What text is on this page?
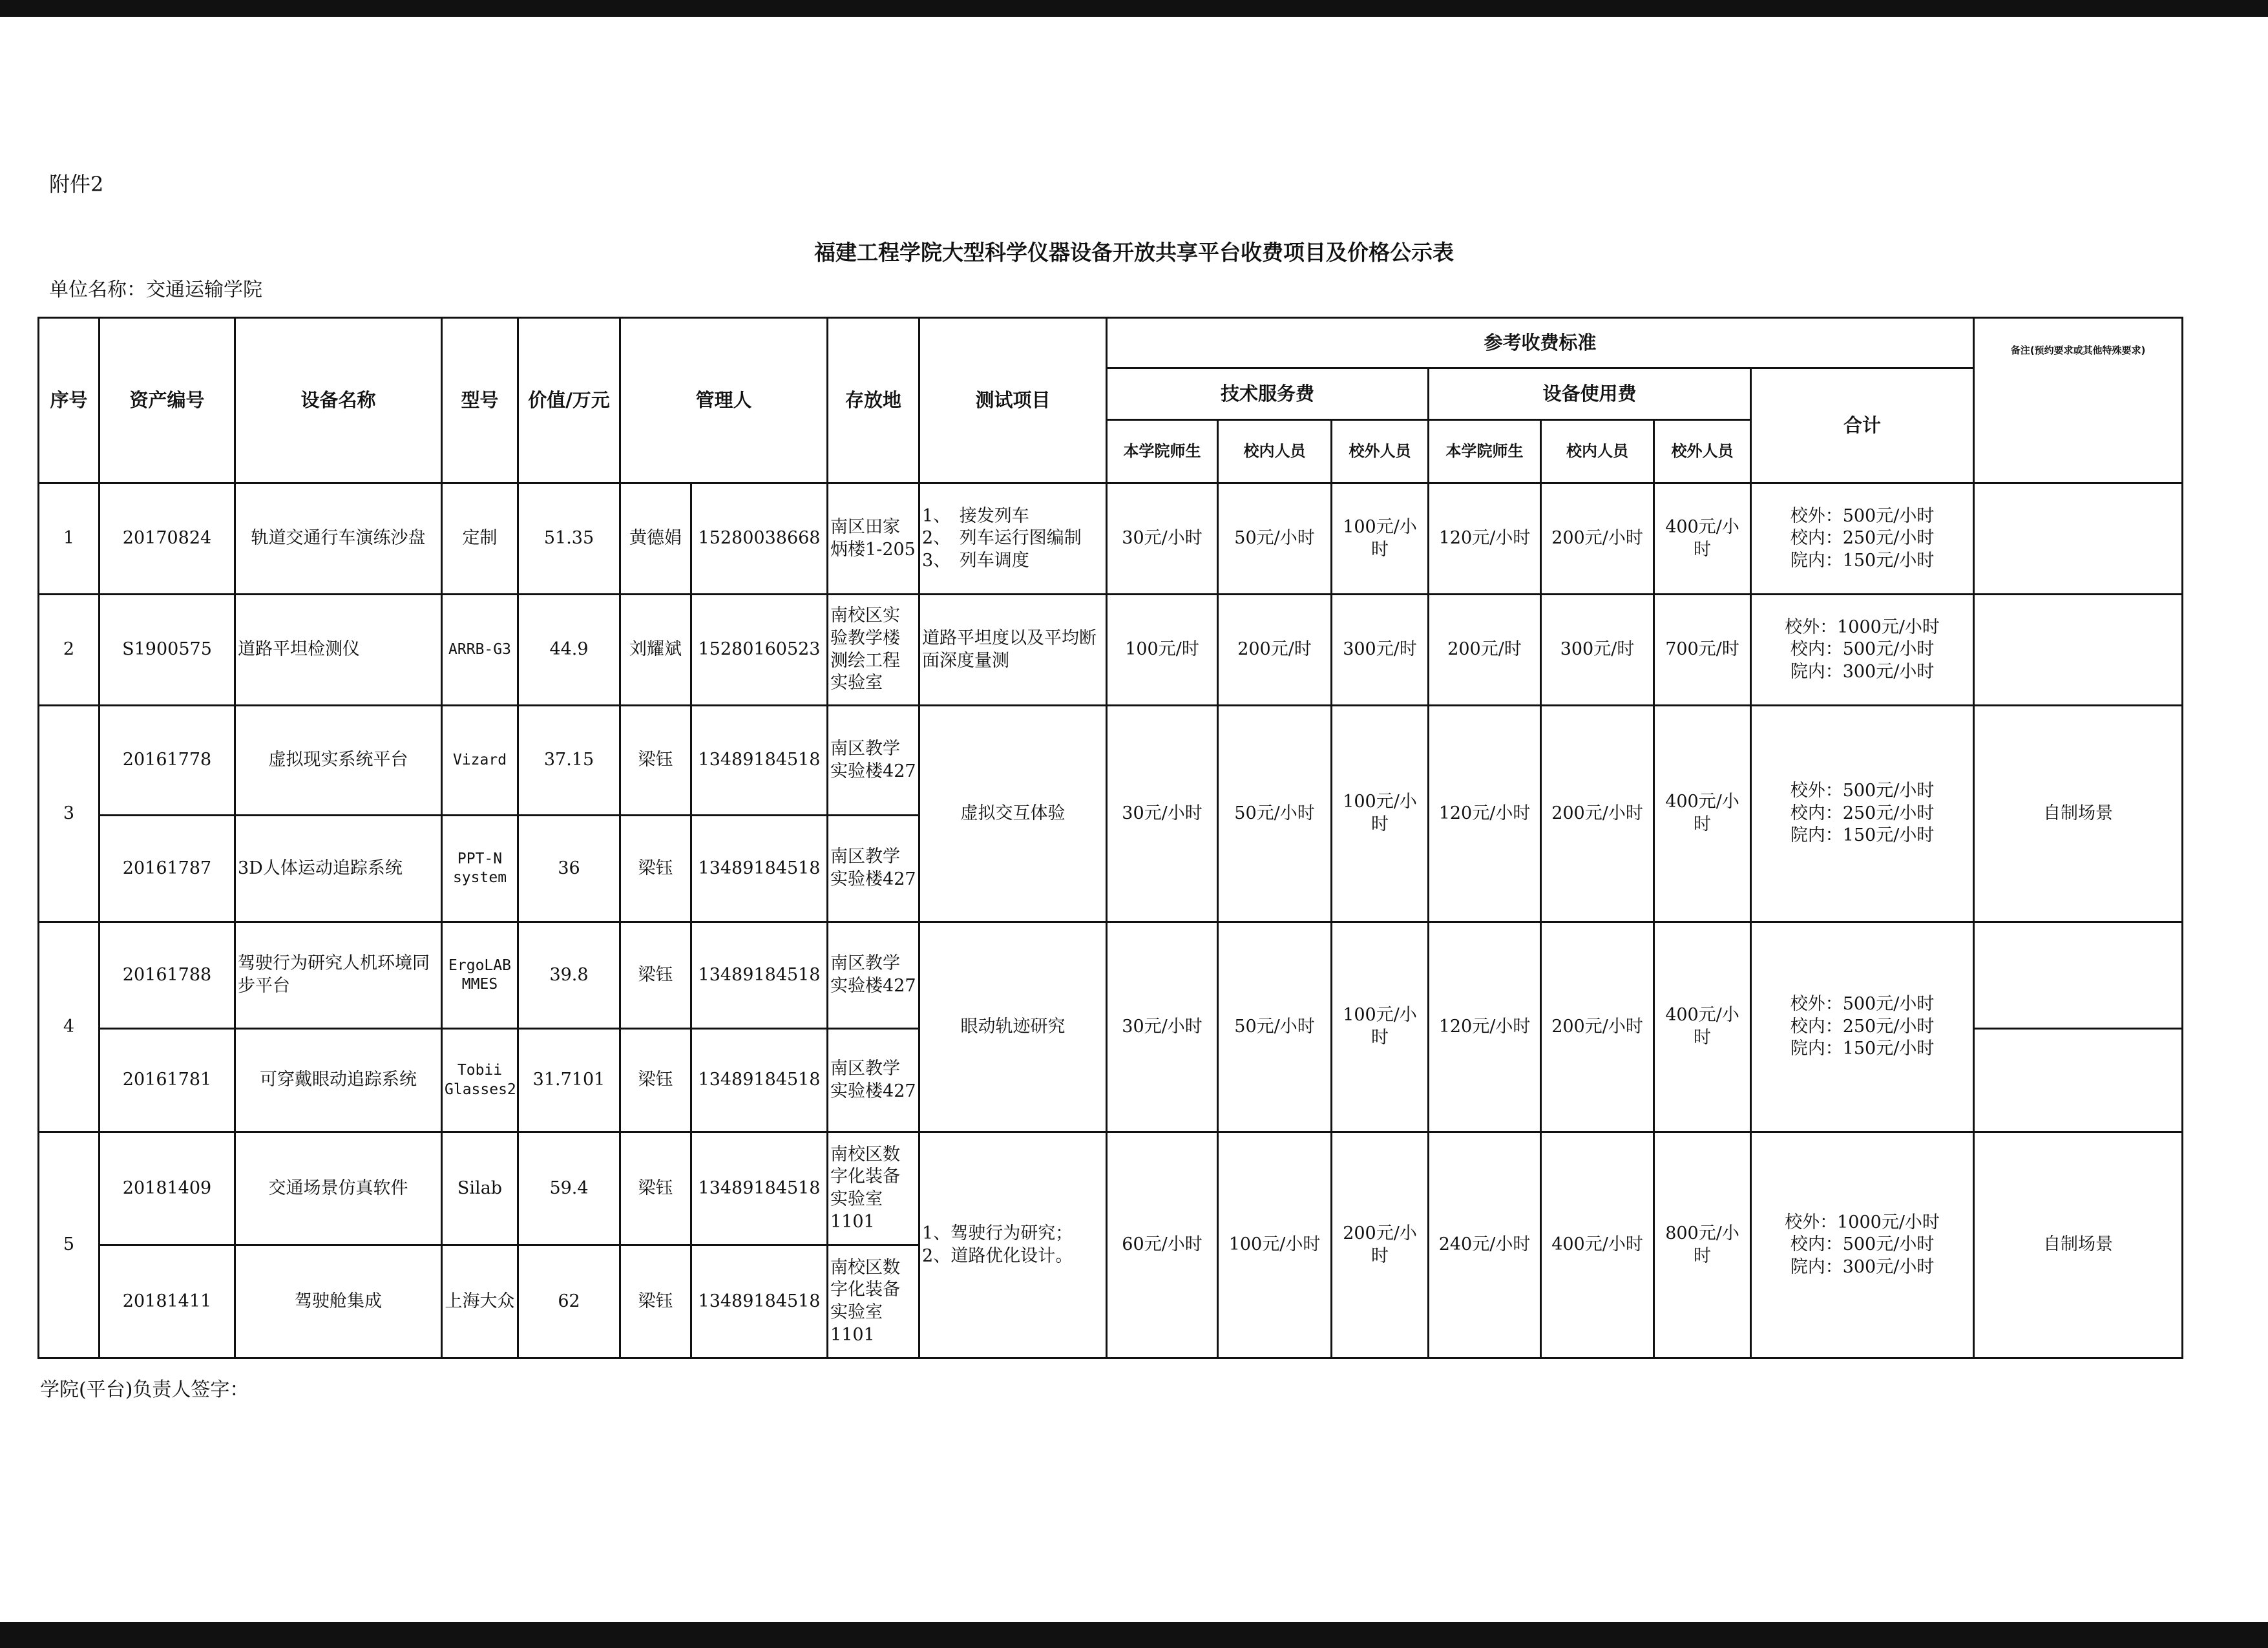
附件2
福建工程学院大型科学仪器设备开放共享平台收费项目及价格公示表
单位名称：交通运输学院
序号	资产编号	设备名称	型号	价值/万元	管理人		存放地	测试项目	参考收费标准							备注(预约要求或其他特殊要求)
									技术服务费			设备使用费			合计	
									本学院师生	校内人员	校外人员	本学院师生	校内人员	校外人员		
1	20170824	轨道交通行车演练沙盘	定制	51.35	黄德娟	15280038668	南区田家炳楼1-205	1、　接发列车
2、　列车运行图编制
3、　列车调度	30元/小时	50元/小时	100元/小时	120元/小时	200元/小时	400元/小时	校外：500元/小时
校内：250元/小时
院内：150元/小时	

2	S1900575	道路平坦检测仪	ARRB-G3	44.9	刘耀斌	15280160523	南校区实验教学楼　测绘工程　实验室	道路平坦度以及平均断面深度量测	100元/时	200元/时	300元/时	200元/时	300元/时	700元/时	校外：1000元/小时
校内：500元/小时
院内：300元/小时	

3	20161778	虚拟现实系统平台	Vizard	37.15	梁钰	13489184518	南区教学实验楼427	虚拟交互体验	30元/小时	50元/小时	100元/小时	120元/小时	200元/小时	400元/小时	校外：500元/小时
校内：250元/小时
院内：150元/小时	自制场景
	20161787	3D人体运动追踪系统	PPT-N system	36	梁钰	13489184518	南区教学实验楼427									
4	20161788	驾驶行为研究人机环境同步平台	ErgoLAB MMES	39.8	梁钰	13489184518	南区教学实验楼427	眼动轨迹研究	30元/小时	50元/小时	100元/小时	120元/小时	200元/小时	400元/小时	校外：500元/小时
校内：250元/小时
院内：150元/小时	

	20161781	可穿戴眼动追踪系统	Tobii Glasses2	31.7101	梁钰	13489184518	南区教学实验楼427									
5	20181409	交通场景仿真软件	Silab	59.4	梁钰	13489184518	南校区数字化装备实验室1101	1、驾驶行为研究；
2、道路优化设计。	60元/小时	100元/小时	200元/小时	240元/小时	400元/小时	800元/小时	校外：1000元/小时
校内：500元/小时
院内：300元/小时	自制场景
	20181411	驾驶舱集成	上海大众	62	梁钰	13489184518	南校区数字化装备实验室1101									
学院(平台)负责人签字：
